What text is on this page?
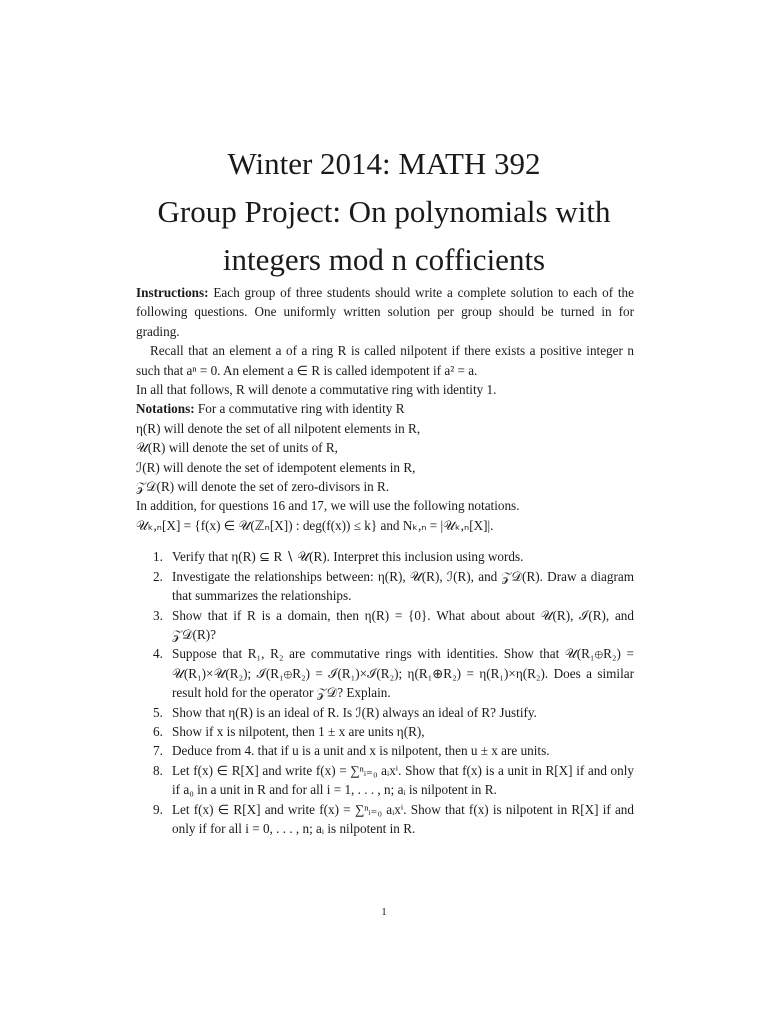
Winter 2014: MATH 392
Group Project: On polynomials with
integers mod n cofficients

Instructions: Each group of three students should write a complete solution to each of the following questions. One uniformly written solution per group should be turned in for grading.

Recall that an element a of a ring R is called nilpotent if there exists a positive integer n such that aⁿ = 0. An element a ∈ R is called idempotent if a² = a.

In all that follows, R will denote a commutative ring with identity 1.

Notations: For a commutative ring with identity R

η(R) will denote the set of all nilpotent elements in R,

𝒰(R) will denote the set of units of R,

ℐ(R) will denote the set of idempotent elements in R,

𝒵𝒟(R) will denote the set of zero-divisors in R.

In addition, for questions 16 and 17, we will use the following notations.

𝒰ₖ,ₙ[X] = {f(x) ∈ 𝒰(ℤₙ[X]) : deg(f(x)) ≤ k} and Nₖ,ₙ = |𝒰ₖ,ₙ[X]|.

1. Verify that η(R) ⊆ R ∖ 𝒰(R). Interpret this inclusion using words.
2. Investigate the relationships between: η(R), 𝒰(R), ℐ(R), and 𝒵𝒟(R). Draw a diagram that summarizes the relationships.
3. Show that if R is a domain, then η(R) = {0}. What about about 𝒰(R), ℐ(R), and 𝒵𝒟(R)?
4. Suppose that R₁, R₂ are commutative rings with identities. Show that 𝒰(R₁⊕R₂) = 𝒰(R₁)×𝒰(R₂); ℐ(R₁⊕R₂) = ℐ(R₁)×ℐ(R₂); η(R₁⊕R₂) = η(R₁)×η(R₂). Does a similar result hold for the operator 𝒵𝒟? Explain.
5. Show that η(R) is an ideal of R. Is ℐ(R) always an ideal of R? Justify.
6. Show if x is nilpotent, then 1 ± x are units η(R),
7. Deduce from 4. that if u is a unit and x is nilpotent, then u ± x are units.
8. Let f(x) ∈ R[X] and write f(x) = ∑ⁿᵢ₌₀ aᵢxⁱ. Show that f(x) is a unit in R[X] if and only if a₀ in a unit in R and for all i = 1, . . . , n; aᵢ is nilpotent in R.
9. Let f(x) ∈ R[X] and write f(x) = ∑ⁿᵢ₌₀ aᵢxⁱ. Show that f(x) is nilpotent in R[X] if and only if for all i = 0, . . . , n; aᵢ is nilpotent in R.
1
